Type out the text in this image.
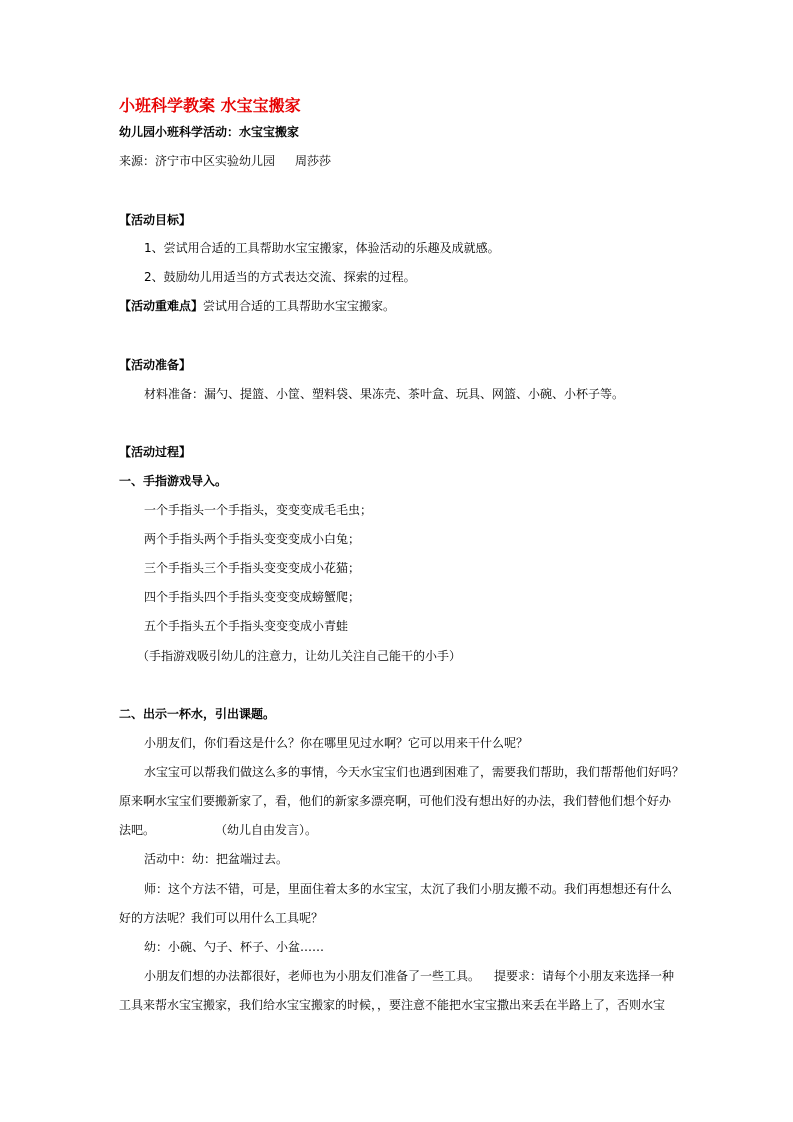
小班科学教案 水宝宝搬家
幼儿园小班科学活动：水宝宝搬家
来源：济宁市中区实验幼儿园 周莎莎
【活动目标】
1、尝试用合适的工具帮助水宝宝搬家，体验活动的乐趣及成就感。
2、鼓励幼儿用适当的方式表达交流、探索的过程。
【活动重难点】尝试用合适的工具帮助水宝宝搬家。
【活动准备】
材料准备：漏勺、提篮、小筐、塑料袋、果冻壳、茶叶盒、玩具、网篮、小碗、小杯子等。
【活动过程】
一、手指游戏导入。
一个手指头一个手指头，变变变成毛毛虫；
两个手指头两个手指头变变变成小白兔；
三个手指头三个手指头变变变成小花猫；
四个手指头四个手指头变变变成螃蟹爬；
五个手指头五个手指头变变变成小青蛙
（手指游戏吸引幼儿的注意力，让幼儿关注自己能干的小手）
二、出示一杯水，引出课题。
小朋友们，你们看这是什么？你在哪里见过水啊？它可以用来干什么呢？
水宝宝可以帮我们做这么多的事情，今天水宝宝们也遇到困难了，需要我们帮助，我们帮帮他们好吗？
原来啊水宝宝们要搬新家了，看，他们的新家多漂亮啊，可他们没有想出好的办法，我们替他们想个好办
法吧。	（幼儿自由发言）。
活动中：幼：把盆端过去。
师：这个方法不错，可是，里面住着太多的水宝宝，太沉了我们小朋友搬不动。我们再想想还有什么
好的方法呢？我们可以用什么工具呢？
幼：小碗、勺子、杯子、小盆……
小朋友们想的办法都很好，老师也为小朋友们准备了一些工具。 提要求：请每个小朋友来选择一种
工具来帮水宝宝搬家，我们给水宝宝搬家的时候，，要注意不能把水宝宝撒出来丢在半路上了，否则水宝
